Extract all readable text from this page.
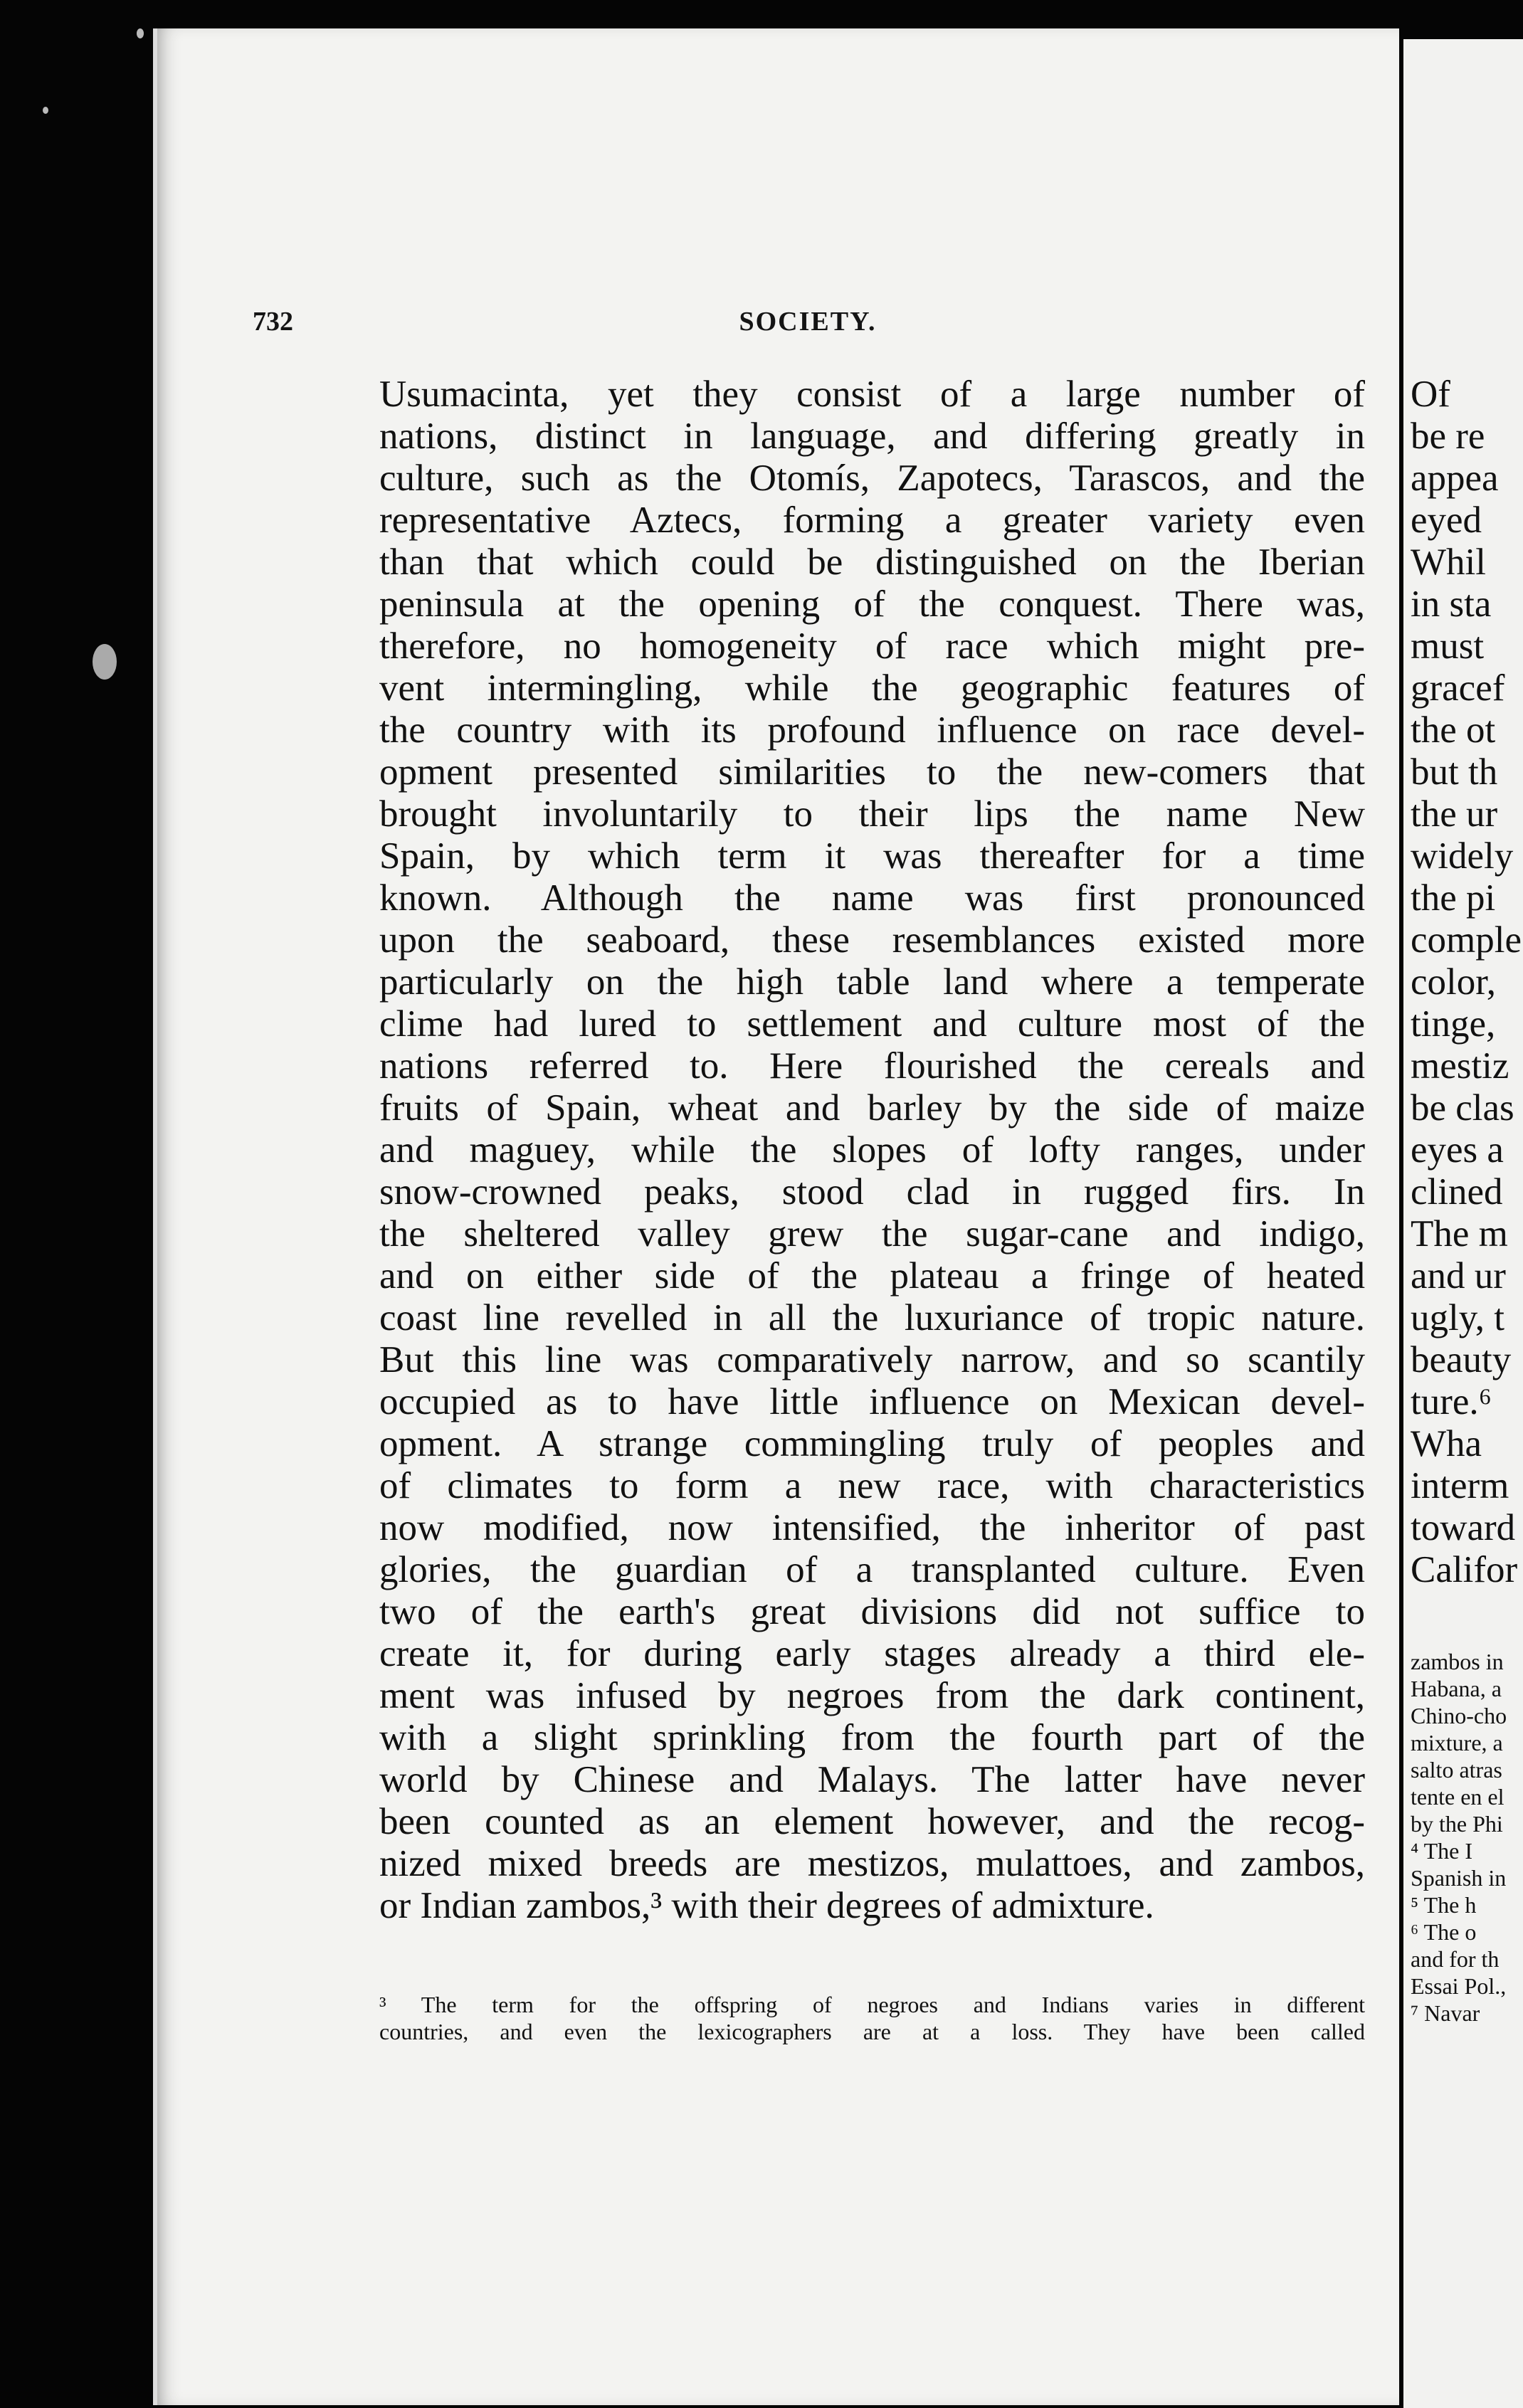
732	SOCIETY.
Usumacinta, yet they consist of a large number of
nations, distinct in language, and differing greatly in
culture, such as the Otomís, Zapotecs, Tarascos, and the
representative Aztecs, forming a greater variety even
than that which could be distinguished on the Iberian
peninsula at the opening of the conquest. There was,
therefore, no homogeneity of race which might pre-
vent intermingling, while the geographic features of
the country with its profound influence on race devel-
opment presented similarities to the new-comers that
brought involuntarily to their lips the name New
Spain, by which term it was thereafter for a time
known. Although the name was first pronounced
upon the seaboard, these resemblances existed more
particularly on the high table land where a temperate
clime had lured to settlement and culture most of the
nations referred to. Here flourished the cereals and
fruits of Spain, wheat and barley by the side of maize
and maguey, while the slopes of lofty ranges, under
snow-crowned peaks, stood clad in rugged firs. In
the sheltered valley grew the sugar-cane and indigo,
and on either side of the plateau a fringe of heated
coast line revelled in all the luxuriance of tropic nature.
But this line was comparatively narrow, and so scantily
occupied as to have little influence on Mexican devel-
opment. A strange commingling truly of peoples and
of climates to form a new race, with characteristics
now modified, now intensified, the inheritor of past
glories, the guardian of a transplanted culture. Even
two of the earth's great divisions did not suffice to
create it, for during early stages already a third ele-
ment was infused by negroes from the dark continent,
with a slight sprinkling from the fourth part of the
world by Chinese and Malays. The latter have never
been counted as an element however, and the recog-
nized mixed breeds are mestizos, mulattoes, and zambos,
or Indian zambos,³ with their degrees of admixture.
³ The term for the offspring of negroes and Indians varies in different
countries, and even the lexicographers are at a loss. They have been called
Of
be re
appea
eyed
Whil
in sta
must
gracef
the ot
but th
the ur
widely
the pi
comple
color,
tinge,
mestiz
be clas
eyes a
clined
The m
and ur
ugly, t
beauty
ture.⁶
Wha
interm
toward
Califor
zambos in
Habana, a
Chino-cho
mixture, a
salto atras
tente en el
by the Phi
⁴ The I
Spanish in
⁵ The h
⁶ The o
and for th
Essai Pol.,
⁷ Navar
